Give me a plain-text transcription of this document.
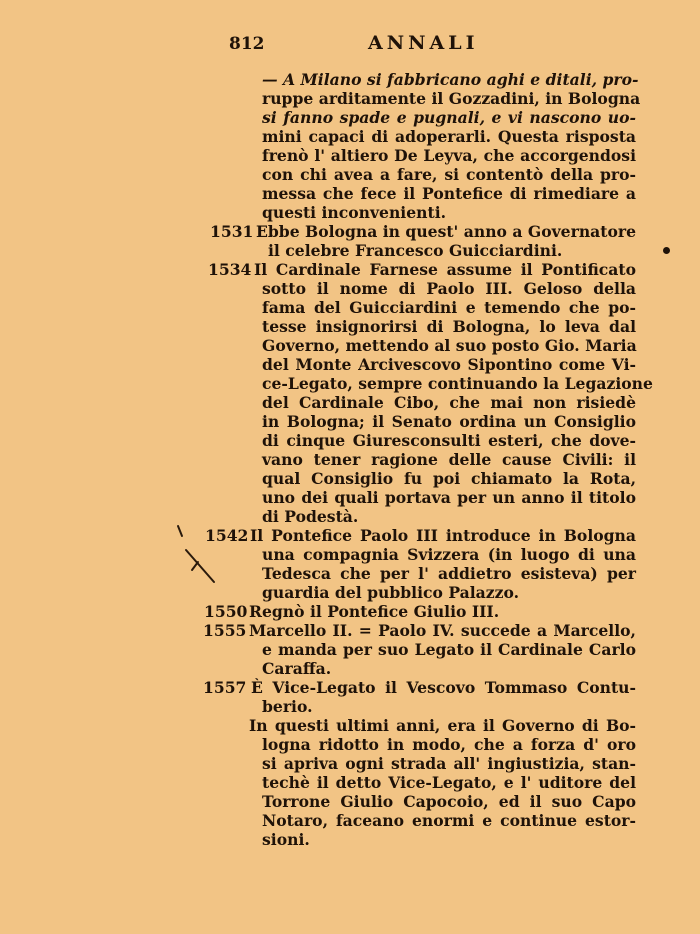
812	ANNALI
— A Milano si fabbricano aghi e ditali, pro-
ruppe arditamente il Gozzadini, in Bologna
si fanno spade e pugnali, e vi nascono uo-
mini capaci di adoperarli. Questa risposta
frenò l' altiero De Leyva, che accorgendosi
con chi avea a fare, si contentò della pro-
messa che fece il Pontefice di rimediare a
questi inconvenienti.
1531 Ebbe Bologna in quest' anno a Governatore
il celebre Francesco Guicciardini.
1534 Il Cardinale Farnese assume il Pontificato
sotto il nome di Paolo III. Geloso della
fama del Guicciardini e temendo che po-
tesse insignorirsi di Bologna, lo leva dal
Governo, mettendo al suo posto Gio. Maria
del Monte Arcivescovo Sipontino come Vi-
ce-Legato, sempre continuando la Legazione
del Cardinale Cibo, che mai non risiedè
in Bologna; il Senato ordina un Consiglio
di cinque Giuresconsulti esteri, che dove-
vano tener ragione delle cause Civili: il
qual Consiglio fu poi chiamato la Rota,
uno dei quali portava per un anno il titolo
di Podestà.
1542 Il Pontefice Paolo III introduce in Bologna
una compagnia Svizzera (in luogo di una
Tedesca che per l' addietro esisteva) per
guardia del pubblico Palazzo.
1550 Regnò il Pontefice Giulio III.
1555 Marcello II. = Paolo IV. succede a Marcello,
e manda per suo Legato il Cardinale Carlo
Caraffa.
1557 È Vice-Legato il Vescovo Tommaso Contu-
berio.
In questi ultimi anni, era il Governo di Bo-
logna ridotto in modo, che a forza d' oro
si apriva ogni strada all' ingiustizia, stan-
techè il detto Vice-Legato, e l' uditore del
Torrone Giulio Capocoio, ed il suo Capo
Notaro, faceano enormi e continue estor-
sioni.
